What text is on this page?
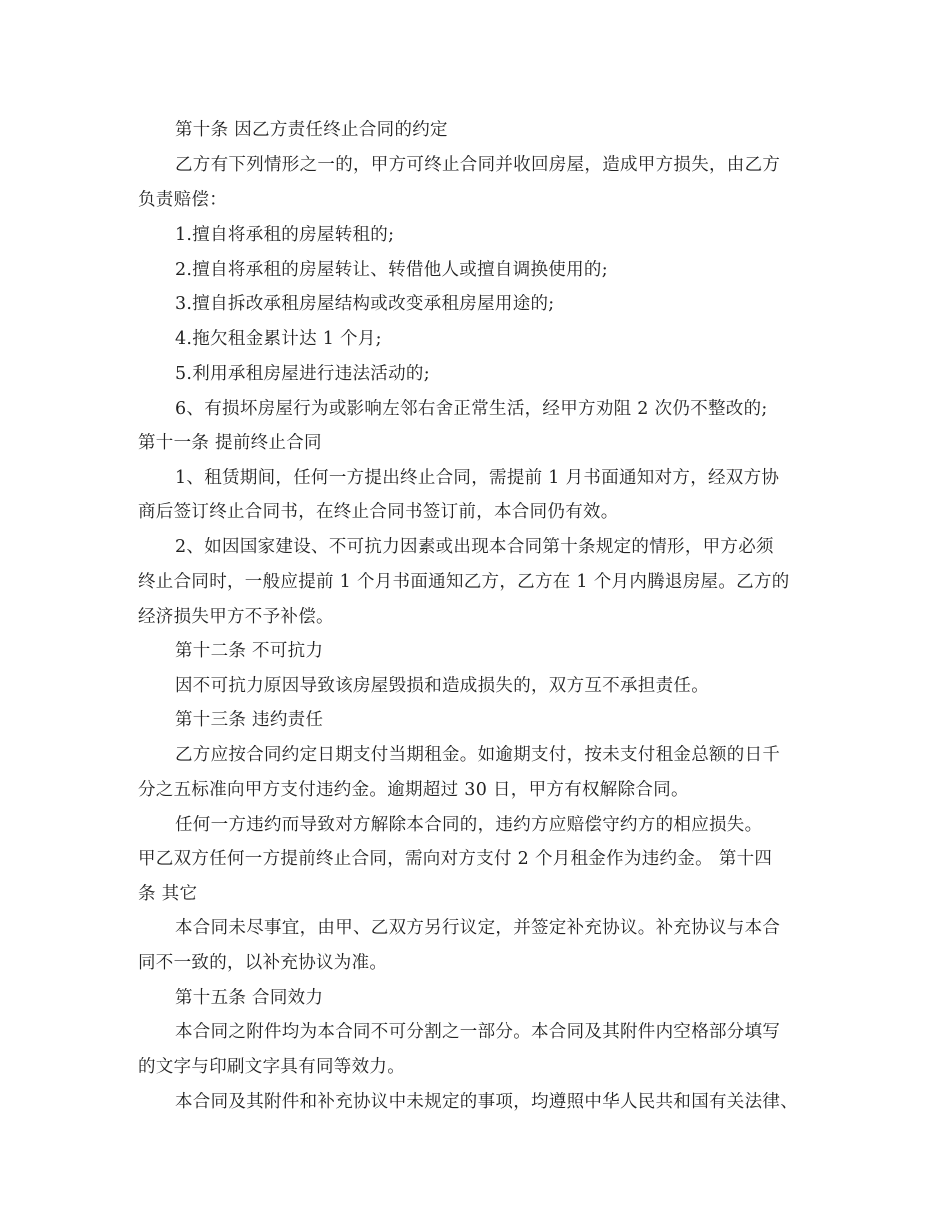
第十条 因乙方责任终止合同的约定
乙方有下列情形之一的，甲方可终止合同并收回房屋，造成甲方损失，由乙方
负责赔偿：
1.擅自将承租的房屋转租的;
2.擅自将承租的房屋转让、转借他人或擅自调换使用的;
3.擅自拆改承租房屋结构或改变承租房屋用途的;
4.拖欠租金累计达 1 个月;
5.利用承租房屋进行违法活动的;
6、有损坏房屋行为或影响左邻右舍正常生活，经甲方劝阻 2 次仍不整改的;
第十一条 提前终止合同
1、租赁期间，任何一方提出终止合同，需提前 1 月书面通知对方，经双方协
商后签订终止合同书，在终止合同书签订前，本合同仍有效。
2、如因国家建设、不可抗力因素或出现本合同第十条规定的情形，甲方必须
终止合同时，一般应提前 1 个月书面通知乙方，乙方在 1 个月内腾退房屋。乙方的
经济损失甲方不予补偿。
第十二条 不可抗力
因不可抗力原因导致该房屋毁损和造成损失的，双方互不承担责任。
第十三条 违约责任
乙方应按合同约定日期支付当期租金。如逾期支付，按未支付租金总额的日千
分之五标准向甲方支付违约金。逾期超过 30 日，甲方有权解除合同。
任何一方违约而导致对方解除本合同的，违约方应赔偿守约方的相应损失。
甲乙双方任何一方提前终止合同，需向对方支付 2 个月租金作为违约金。 第十四
条 其它
本合同未尽事宜，由甲、乙双方另行议定，并签定补充协议。补充协议与本合
同不一致的，以补充协议为准。
第十五条 合同效力
本合同之附件均为本合同不可分割之一部分。本合同及其附件内空格部分填写
的文字与印刷文字具有同等效力。
本合同及其附件和补充协议中未规定的事项，均遵照中华人民共和国有关法律、
